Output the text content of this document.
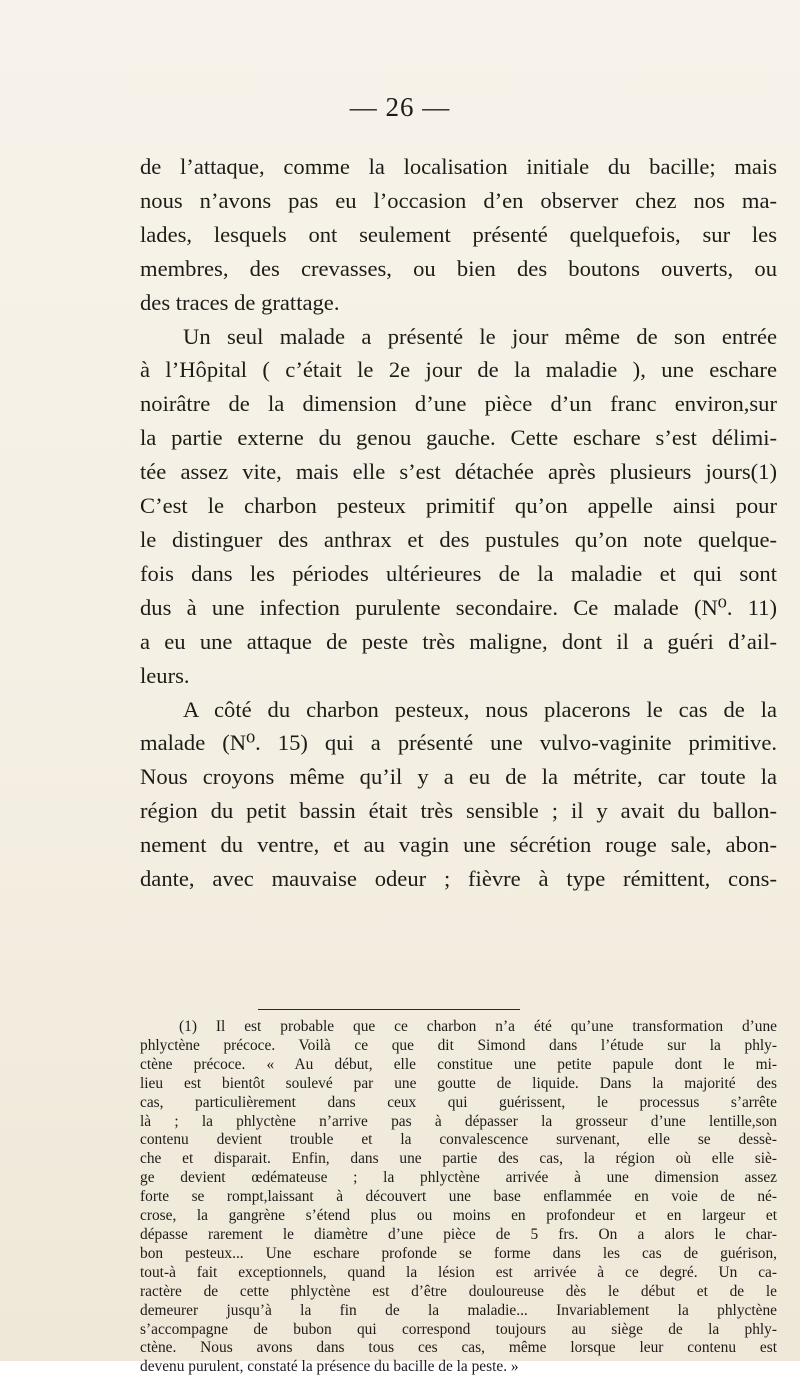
— 26 —
de l’attaque, comme la localisation initiale du bacille; mais
nous n’avons pas eu l’occasion d’en observer chez nos ma-
lades, lesquels ont seulement présenté quelquefois, sur les
membres, des crevasses, ou bien des boutons ouverts, ou
des traces de grattage.
Un seul malade a présenté le jour même de son entrée
à l’Hôpital ( c’était le 2e jour de la maladie ), une eschare
noirâtre de la dimension d’une pièce d’un franc environ,sur
la partie externe du genou gauche. Cette eschare s’est délimi-
tée assez vite, mais elle s’est détachée après plusieurs jours(1)
C’est le charbon pesteux primitif qu’on appelle ainsi pour
le distinguer des anthrax et des pustules qu’on note quelque-
fois dans les périodes ultérieures de la maladie et qui sont
dus à une infection purulente secondaire. Ce malade (N⁰. 11)
a eu une attaque de peste très maligne, dont il a guéri d’ail-
leurs.
A côté du charbon pesteux, nous placerons le cas de la
malade (N⁰. 15) qui a présenté une vulvo-vaginite primitive.
Nous croyons même qu’il y a eu de la métrite, car toute la
région du petit bassin était très sensible ; il y avait du ballon-
nement du ventre, et au vagin une sécrétion rouge sale, abon-
dante, avec mauvaise odeur ; fièvre à type rémittent, cons-
(1) Il est probable que ce charbon n’a été qu’une transformation d’une
phlyctène précoce. Voilà ce que dit Simond dans l’étude sur la phly-
ctène précoce. « Au début, elle constitue une petite papule dont le mi-
lieu est bientôt soulevé par une goutte de liquide. Dans la majorité des
cas, particulièrement dans ceux qui guérissent, le processus s’arrête
là ; la phlyctène n’arrive pas à dépasser la grosseur d’une lentille,son
contenu devient trouble et la convalescence survenant, elle se dessè-
che et disparait. Enfin, dans une partie des cas, la région où elle siè-
ge devient œdémateuse ; la phlyctène arrivée à une dimension assez
forte se rompt,laissant à découvert une base enflammée en voie de né-
crose, la gangrène s’étend plus ou moins en profondeur et en largeur et
dépasse rarement le diamètre d’une pièce de 5 frs. On a alors le char-
bon pesteux... Une eschare profonde se forme dans les cas de guérison,
tout-à fait exceptionnels, quand la lésion est arrivée à ce degré. Un ca-
ractère de cette phlyctène est d’être douloureuse dès le début et de le
demeurer jusqu’à la fin de la maladie... Invariablement la phlyctène
s’accompagne de bubon qui correspond toujours au siège de la phly-
ctène. Nous avons dans tous ces cas, même lorsque leur contenu est
devenu purulent, constaté la présence du bacille de la peste. »
